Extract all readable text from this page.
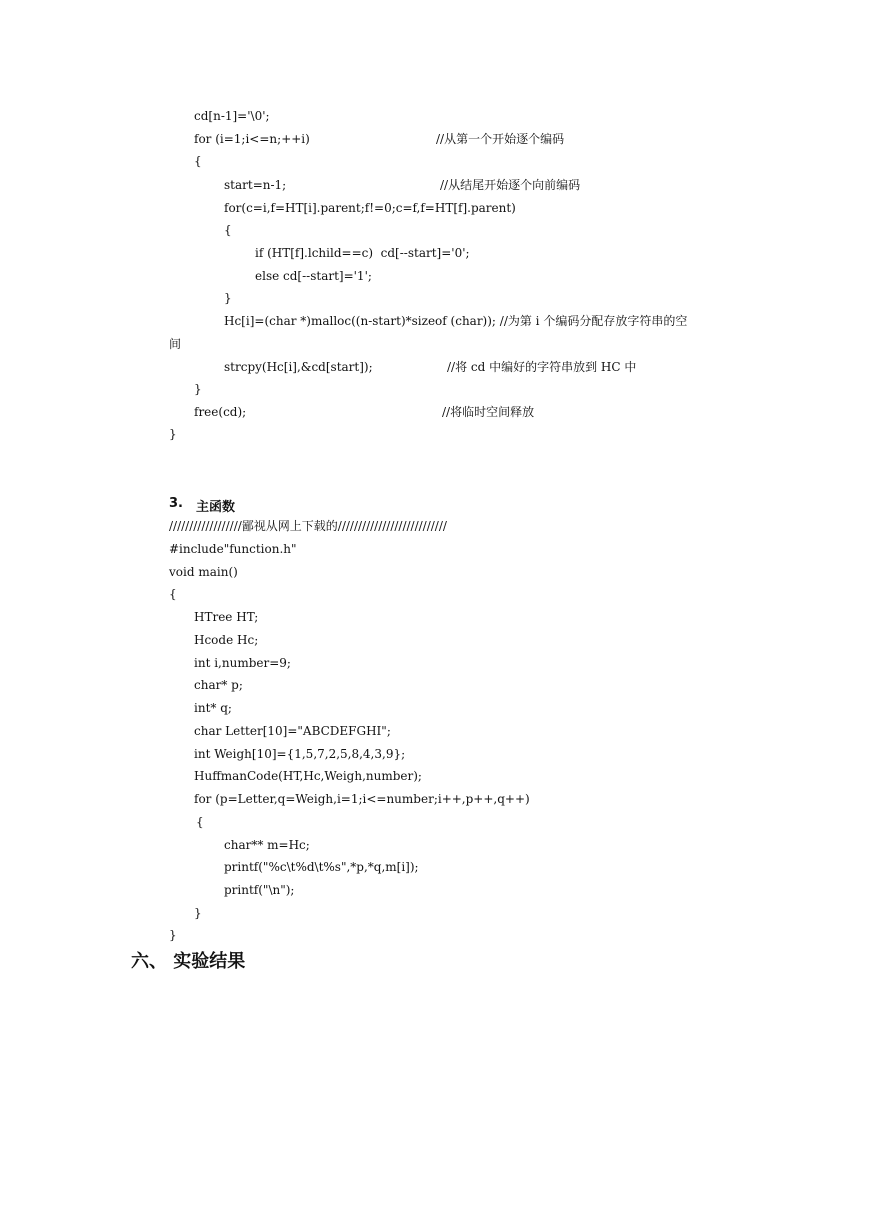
cd[n-1]='\0';
for (i=1;i<=n;++i)	//从第一个开始逐个编码
{
start=n-1;	//从结尾开始逐个向前编码
for(c=i,f=HT[i].parent;f!=0;c=f,f=HT[f].parent)
{
if (HT[f].lchild==c)  cd[--start]='0';
else cd[--start]='1';
}
Hc[i]=(char *)malloc((n-start)*sizeof (char)); //为第 i 个编码分配存放字符串的空
间
strcpy(Hc[i],&cd[start]);	//将 cd 中编好的字符串放到 HC 中
}
free(cd);	//将临时空间释放
}
3. 主函数
//////////////////鄙视从网上下载的///////////////////////////
#include"function.h"
void main()
{
HTree HT;
Hcode Hc;
int i,number=9;
char* p;
int* q;
char Letter[10]="ABCDEFGHI";
int Weigh[10]={1,5,7,2,5,8,4,3,9};
HuffmanCode(HT,Hc,Weigh,number);
for (p=Letter,q=Weigh,i=1;i<=number;i++,p++,q++)
{
char** m=Hc;
printf("%c\t%d\t%s",*p,*q,m[i]);
printf("\n");
}
}
六、 实验结果
